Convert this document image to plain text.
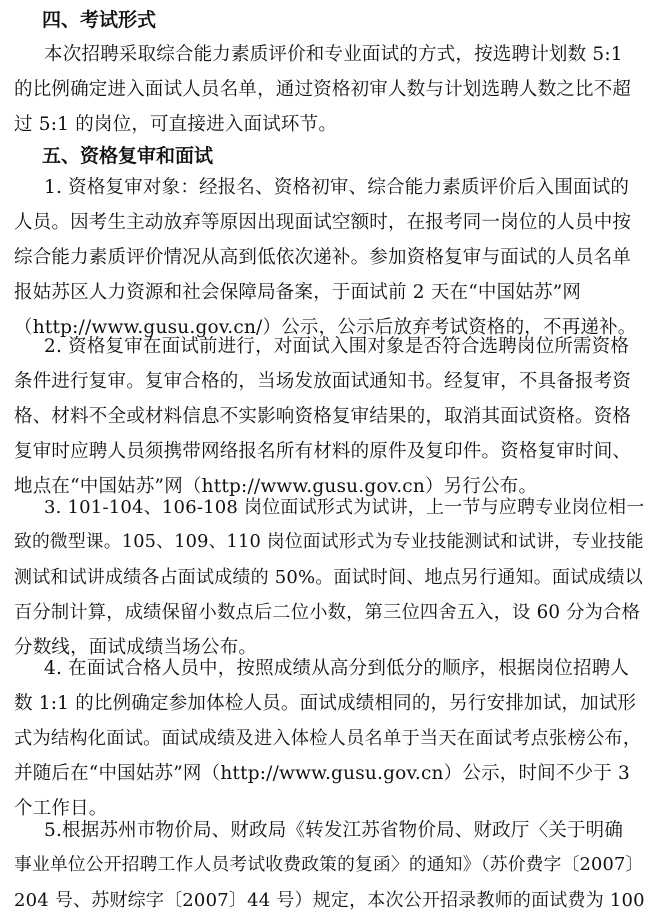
四、考试形式
本次招聘采取综合能力素质评价和专业面试的方式，按选聘计划数 5:1
的比例确定进入面试人员名单，通过资格初审人数与计划选聘人数之比不超
过 5:1 的岗位，可直接进入面试环节。
五、资格复审和面试
1. 资格复审对象：经报名、资格初审、综合能力素质评价后入围面试的
人员。因考生主动放弃等原因出现面试空额时，在报考同一岗位的人员中按
综合能力素质评价情况从高到低依次递补。参加资格复审与面试的人员名单
报姑苏区人力资源和社会保障局备案，于面试前 2 天在“中国姑苏”网
（http://www.gusu.gov.cn/）公示，公示后放弃考试资格的，不再递补。
2. 资格复审在面试前进行，对面试入围对象是否符合选聘岗位所需资格
条件进行复审。复审合格的，当场发放面试通知书。经复审，不具备报考资
格、材料不全或材料信息不实影响资格复审结果的，取消其面试资格。资格
复审时应聘人员须携带网络报名所有材料的原件及复印件。资格复审时间、
地点在“中国姑苏”网（http://www.gusu.gov.cn）另行公布。
3. 101-104、106-108 岗位面试形式为试讲，上一节与应聘专业岗位相一
致的微型课。105、109、110 岗位面试形式为专业技能测试和试讲，专业技能
测试和试讲成绩各占面试成绩的 50%。面试时间、地点另行通知。面试成绩以
百分制计算，成绩保留小数点后二位小数，第三位四舍五入，设 60 分为合格
分数线，面试成绩当场公布。
4. 在面试合格人员中，按照成绩从高分到低分的顺序，根据岗位招聘人
数 1:1 的比例确定参加体检人员。面试成绩相同的，另行安排加试，加试形
式为结构化面试。面试成绩及进入体检人员名单于当天在面试考点张榜公布，
并随后在“中国姑苏”网（http://www.gusu.gov.cn）公示，时间不少于 3
个工作日。
5.根据苏州市物价局、财政局《转发江苏省物价局、财政厅〈关于明确
事业单位公开招聘工作人员考试收费政策的复函〉的通知》（苏价费字〔2007〕
204 号、苏财综字〔2007〕44 号）规定，本次公开招录教师的面试费为 100
